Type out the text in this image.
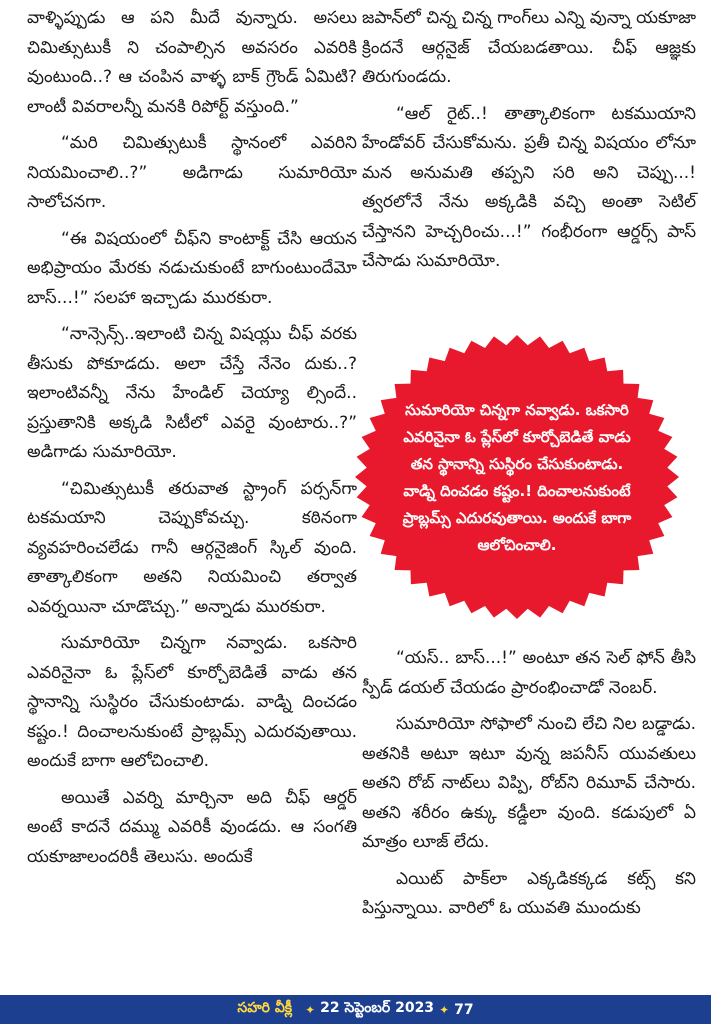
వాళ్ళిప్పుడు ఆ పని మీదే వున్నారు. అసలు చిమిత్సుటుకీ ని చంపాల్సిన అవసరం ఎవరికి వుంటుంది..? ఆ చంపిన వాళ్ళ బాక్ గ్రౌండ్ ఏమిటి? లాంటీ వివరాలన్నీ మనకి రిపోర్ట్ వస్తుంది.”

“మరి చిమిత్సుటుకీ స్థానంలో ఎవరిని నియమించాలి..?” అడిగాడు సుమారియో సాలోచనగా.

“ఈ విషయంలో చీఫ్‌ని కాంటాక్ట్ చేసి ఆయన అభిప్రాయం మేరకు నడుచుకుంటే బాగుంటుందేమో బాస్...!” సలహా ఇచ్చాడు మురకురా.

“నాన్సెన్స్..ఇలాంటి చిన్న విషయ్లు చీఫ్ వరకు తీసుకు పోకూడదు. అలా చేస్తే నేనెం దుకు..? ఇలాంటివన్నీ నేను హేండిల్ చెయ్యా ల్సిందే.. ప్రస్తుతానికి అక్కడి సిటీలో ఎవరై వుంటారు..?” అడిగాడు సుమారియో.

“చిమిత్సుటుకీ తరువాత స్ట్రాంగ్ పర్సన్‌గా టకమయాని చెప్పుకోవచ్చు. కఠినంగా వ్యవహరించలేడు గానీ ఆర్గనైజింగ్ స్కిల్ వుంది. తాత్కాలికంగా అతని నియమించి తర్వాత ఎవర్నయినా చూడొచ్చు.” అన్నాడు మురకురా.

సుమారియో చిన్నగా నవ్వాడు. ఒకసారి ఎవరినైనా ఓ ప్లేస్‌లో కూర్చోబెడితే వాడు తన స్థానాన్ని సుస్థిరం చేసుకుంటాడు. వాడ్ని దించడం కష్టం.! దించాలనుకుంటే ప్రాబ్లమ్స్ ఎదురవుతాయి. అందుకే బాగా ఆలోచించాలి.

అయితే ఎవర్ని మార్చినా అది చీఫ్ ఆర్డర్ అంటే కాదనే దమ్ము ఎవరికీ వుండదు. ఆ సంగతి యకూజాలందరికీ తెలుసు. అందుకే

జపాన్‌లో చిన్న చిన్న గాంగ్‌లు ఎన్ని వున్నా యకూజా క్రిందనే ఆర్గనైజ్ చేయబడతాయి. చీఫ్ ఆజ్ఞకు తిరుగుండదు.

“ఆల్ రైట్..! తాత్కాలికంగా టకముయాని హేండోవర్ చేసుకోమను. ప్రతీ చిన్న విషయం లోనూ మన అనుమతి తప్పని సరి అని చెప్పు...! త్వరలోనే నేను అక్కడికి వచ్చి అంతా సెటిల్ చేస్తానని హెచ్చరించు...!” గంభీరంగా ఆర్డర్స్ పాస్ చేసాడు సుమారియో.

సుమారియో చిన్నగా నవ్వాడు. ఒకసారి ఎవరినైనా ఓ ప్లేస్‌లో కూర్చోబెడితే వాడు తన స్థానాన్ని సుస్థిరం చేసుకుంటాడు. వాడ్ని దించడం కష్టం.! దించాలనుకుంటే ప్రాబ్లమ్స్ ఎదురవుతాయి. అందుకే బాగా ఆలోచించాలి.

“యస్.. బాస్...!” అంటూ తన సెల్ ఫోన్ తీసి స్పీడ్ డయల్ చేయడం ప్రారంభించాడో నెంబర్.

సుమారియో సోఫాలో నుంచి లేచి నిల బడ్డాడు. అతనికి అటూ ఇటూ వున్న జపనీస్ యువతులు అతని రోబ్ నాట్‌లు విప్పి, రోబ్‌ని రిమూవ్ చేసారు. అతని శరీరం ఉక్కు కడ్డీలా వుంది. కడుపులో ఏ మాత్రం లూజ్ లేదు.

ఎయిట్ పాక్‌లా ఎక్కడికక్కడ కట్స్ కని పిస్తున్నాయి. వారిలో ఓ యువతి ముందుకు

సహరి వీక్లీ ✦ 22 సెప్టెంబర్ 2023 ✦ 77
